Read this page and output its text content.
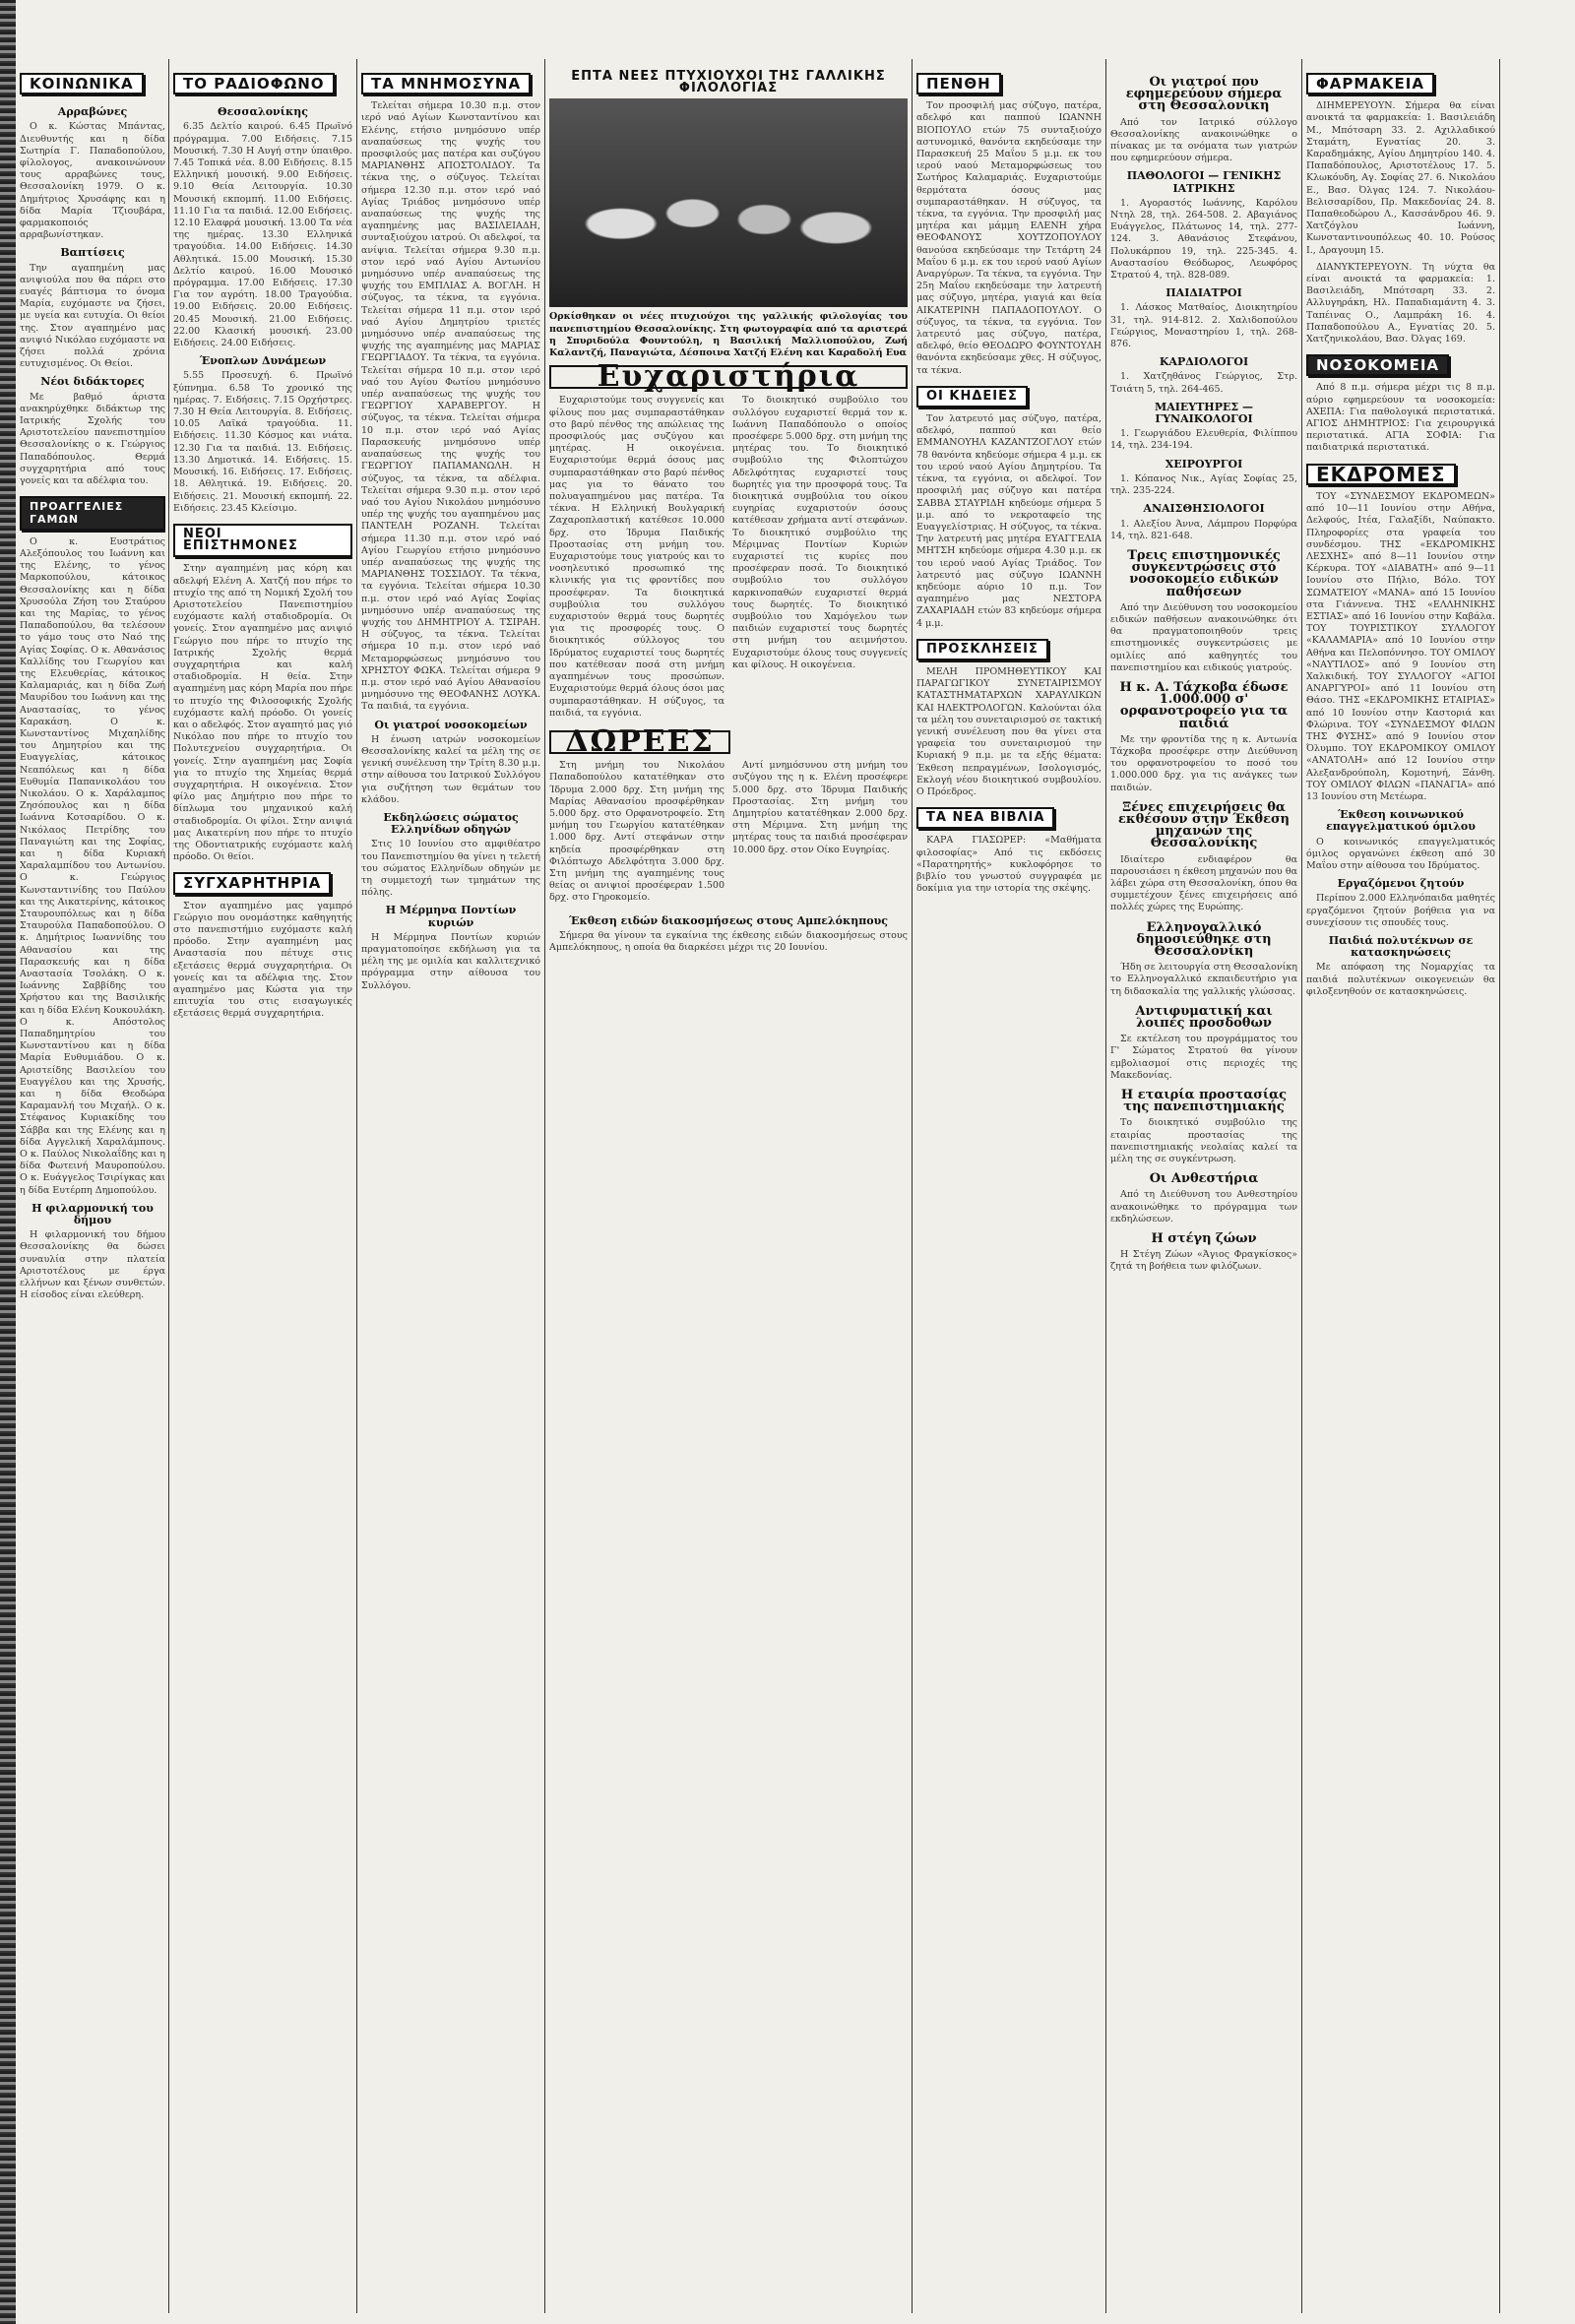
ΚΟΙΝΩΝΙΚΑ
Αρραβώνες
Ο κ. Κώστας Μπάντας, Διευθυντής και η δίδα Σωτηρία Γ. Παπαδοπούλου, φίλολογος, ανακοινώνουν τους αρραβώνες τους, Θεσσαλονίκη 1979. Ο κ. Δημήτριος Χρυσάφης και η δίδα Μαρία Τζιουβάρα, φαρμακοποιός αρραβωνίστηκαν.
Βαπτίσεις
Την αγαπημένη μας ανιψιούλα που θα πάρει στο ευαγές βάπτισμα το όνομα Μαρία, ευχόμαστε να ζήσει, με υγεία και ευτυχία. Οι θείοι της. Στον αγαπημένο μας ανιψιό Νικόλαο ευχόμαστε να ζήσει πολλά χρόνια ευτυχισμένος. Οι Θείοι.
Νέοι διδάκτορες
Με βαθμό άριστα ανακηρύχθηκε διδάκτωρ της Ιατρικής Σχολής του Αριστοτελείου πανεπιστημίου Θεσσαλονίκης ο κ. Γεώργιος Παπαδόπουλος. Θερμά συγχαρητήρια από τους γονείς και τα αδέλφια του.
ΠΡΟΑΓΓΕΛΙΕΣ ΓΑΜΩΝ
Ο κ. Ευστράτιος Αλεξόπουλος του Ιωάννη και της Ελένης, το γένος Μαρκοπούλου, κάτοικος Θεσσαλονίκης και η δίδα Χρυσούλα Ζήση του Σταύρου και της Μαρίας, το γένος Παπαδοπούλου, θα τελέσουν το γάμο τους στο Ναό της Αγίας Σοφίας. Ο κ. Αθανάσιος Καλλίδης του Γεωργίου και της Ελευθερίας, κάτοικος Καλαμαριάς, και η δίδα Ζωή Μαυρίδου του Ιωάννη και της Αναστασίας, το γένος Καρακάση. Ο κ. Κωνσταντίνος Μιχαηλίδης του Δημητρίου και της Ευαγγελίας, κάτοικος Νεαπόλεως και η δίδα Ευθυμία Παπανικολάου του Νικολάου. Ο κ. Χαράλαμπος Ζησόπουλος και η δίδα Ιωάννα Κοτσαρίδου. Ο κ. Νικόλαος Πετρίδης του Παναγιώτη και της Σοφίας, και η δίδα Κυριακή Χαραλαμπίδου του Αντωνίου. Ο κ. Γεώργιος Κωνσταντινίδης του Παύλου και της Αικατερίνης, κάτοικος Σταυρουπόλεως και η δίδα Σταυρούλα Παπαδοπούλου. Ο κ. Δημήτριος Ιωαννίδης του Αθανασίου και της Παρασκευής και η δίδα Αναστασία Τσολάκη. Ο κ. Ιωάννης Σαββίδης του Χρήστου και της Βασιλικής και η δίδα Ελένη Κουκουλάκη. Ο κ. Απόστολος Παπαδημητρίου του Κωνσταντίνου και η δίδα Μαρία Ευθυμιάδου. Ο κ. Αριστείδης Βασιλείου του Ευαγγέλου και της Χρυσής, και η δίδα Θεοδώρα Καραμανλή του Μιχαήλ. Ο κ. Στέφανος Κυριακίδης του Σάββα και της Ελένης και η δίδα Αγγελική Χαραλάμπους. Ο κ. Παύλος Νικολαΐδης και η δίδα Φωτεινή Μαυροπούλου. Ο κ. Ευάγγελος Τσιρίγκας και η δίδα Ευτέρπη Δημοπούλου.
Η φιλαρμονική του δήμου
Η φιλαρμονική του δήμου Θεσσαλονίκης θα δώσει συναυλία στην πλατεία Αριστοτέλους με έργα ελλήνων και ξένων συνθετών. Η είσοδος είναι ελεύθερη.
ΤΟ ΡΑΔΙΟΦΩΝΟ
Θεσσαλονίκης
6.35 Δελτίο καιρού. 6.45 Πρωϊνό πρόγραμμα. 7.00 Ειδήσεις. 7.15 Μουσική. 7.30 Η Αυγή στην ύπαιθρο. 7.45 Τοπικά νέα. 8.00 Ειδήσεις. 8.15 Ελληνική μουσική. 9.00 Ειδήσεις. 9.10 Θεία Λειτουργία. 10.30 Μουσική εκπομπή. 11.00 Ειδήσεις. 11.10 Για τα παιδιά. 12.00 Ειδήσεις. 12.10 Ελαφρά μουσική. 13.00 Τα νέα της ημέρας. 13.30 Ελληνικά τραγούδια. 14.00 Ειδήσεις. 14.30 Αθλητικά. 15.00 Μουσική. 15.30 Δελτίο καιρού. 16.00 Μουσικό πρόγραμμα. 17.00 Ειδήσεις. 17.30 Για τον αγρότη. 18.00 Τραγούδια. 19.00 Ειδήσεις. 20.00 Ειδήσεις. 20.45 Μουσική. 21.00 Ειδήσεις. 22.00 Κλασική μουσική. 23.00 Ειδήσεις. 24.00 Ειδήσεις.
Ένοπλων Δυνάμεων
5.55 Προσευχή. 6. Πρωϊνό ξύπνημα. 6.58 Το χρονικό της ημέρας. 7. Ειδήσεις. 7.15 Ορχήστρες. 7.30 Η Θεία Λειτουργία. 8. Ειδήσεις. 10.05 Λαϊκά τραγούδια. 11. Ειδήσεις. 11.30 Κόσμος και νιάτα. 12.30 Για τα παιδιά. 13. Ειδήσεις. 13.30 Δημοτικά. 14. Ειδήσεις. 15. Μουσική. 16. Ειδήσεις. 17. Ειδήσεις. 18. Αθλητικά. 19. Ειδήσεις. 20. Ειδήσεις. 21. Μουσική εκπομπή. 22. Ειδήσεις. 23.45 Κλείσιμο.
ΝΕΟΙ ΕΠΙΣΤΗΜΟΝΕΣ
Στην αγαπημένη μας κόρη και αδελφή Ελένη Α. Χατζή που πήρε το πτυχίο της από τη Νομική Σχολή του Αριστοτελείου Πανεπιστημίου ευχόμαστε καλή σταδιοδρομία. Οι γονείς. Στον αγαπημένο μας ανιψιό Γεώργιο που πήρε το πτυχίο της Ιατρικής Σχολής θερμά συγχαρητήρια και καλή σταδιοδρομία. Η θεία. Στην αγαπημένη μας κόρη Μαρία που πήρε το πτυχίο της Φιλοσοφικής Σχολής ευχόμαστε καλή πρόοδο. Οι γονείς και ο αδελφός. Στον αγαπητό μας γιό Νικόλαο που πήρε το πτυχίο του Πολυτεχνείου συγχαρητήρια. Οι γονείς. Στην αγαπημένη μας Σοφία για το πτυχίο της Χημείας θερμά συγχαρητήρια. Η οικογένεια. Στον φίλο μας Δημήτριο που πήρε το δίπλωμα του μηχανικού καλή σταδιοδρομία. Οι φίλοι. Στην ανιψιά μας Αικατερίνη που πήρε το πτυχίο της Οδοντιατρικής ευχόμαστε καλή πρόοδο. Οι θείοι.
ΣΥΓΧΑΡΗΤΗΡΙΑ
Στον αγαπημένο μας γαμπρό Γεώργιο που ονομάστηκε καθηγητής στο πανεπιστήμιο ευχόμαστε καλή πρόοδο. Στην αγαπημένη μας Αναστασία που πέτυχε στις εξετάσεις θερμά συγχαρητήρια. Οι γονείς και τα αδέλφια της. Στον αγαπημένο μας Κώστα για την επιτυχία του στις εισαγωγικές εξετάσεις θερμά συγχαρητήρια.
ΤΑ ΜΝΗΜΟΣΥΝΑ
Τελείται σήμερα 10.30 π.μ. στον ιερό ναό Αγίων Κωνσταντίνου και Ελένης, ετήσιο μνημόσυνο υπέρ αναπαύσεως της ψυχής του προσφιλούς μας πατέρα και συζύγου ΜΑΡΙΑΝΘΗΣ ΑΠΟΣΤΟΛΙΔΟΥ. Τα τέκνα της, ο σύζυγος. Τελείται σήμερα 12.30 π.μ. στον ιερό ναό Αγίας Τριάδος μνημόσυνο υπέρ αναπαύσεως της ψυχής της αγαπημένης μας ΒΑΣΙΛΕΙΑΔΗ, συνταξιούχου ιατρού. Οι αδελφοί, τα ανίψια. Τελείται σήμερα 9.30 π.μ. στον ιερό ναό Αγίου Αντωνίου μνημόσυνο υπέρ αναπαύσεως της ψυχής του ΕΜΠΛΙΑΣ Α. ΒΟΓΛΗ. Η σύζυγος, τα τέκνα, τα εγγόνια. Τελείται σήμερα 11 π.μ. στον ιερό ναό Αγίου Δημητρίου τριετές μνημόσυνο υπέρ αναπαύσεως της ψυχής της αγαπημένης μας ΜΑΡΙΑΣ ΓΕΩΡΓΙΑΔΟΥ. Τα τέκνα, τα εγγόνια. Τελείται σήμερα 10 π.μ. στον ιερό ναό του Αγίου Φωτίου μνημόσυνο υπέρ αναπαύσεως της ψυχής του ΓΕΩΡΓΙΟΥ ΧΑΡΑΒΕΡΓΟΥ. Η σύζυγος, τα τέκνα. Τελείται σήμερα 10 π.μ. στον ιερό ναό Αγίας Παρασκευής μνημόσυνο υπέρ αναπαύσεως της ψυχής του ΓΕΩΡΓΙΟΥ ΠΑΠΑΜΑΝΩΛΗ. Η σύζυγος, τα τέκνα, τα αδέλφια. Τελείται σήμερα 9.30 π.μ. στον ιερό ναό του Αγίου Νικολάου μνημόσυνο υπέρ της ψυχής του αγαπημένου μας ΠΑΝΤΕΛΗ ΡΟΖΑΝΗ. Τελείται σήμερα 11.30 π.μ. στον ιερό ναό Αγίου Γεωργίου ετήσιο μνημόσυνο υπέρ αναπαύσεως της ψυχής της ΜΑΡΙΑΝΘΗΣ ΤΟΣΣΙΔΟΥ. Τα τέκνα, τα εγγόνια. Τελείται σήμερα 10.30 π.μ. στον ιερό ναό Αγίας Σοφίας μνημόσυνο υπέρ αναπαύσεως της ψυχής του ΔΗΜΗΤΡΙΟΥ Α. ΤΣΙΡΑΗ. Η σύζυγος, τα τέκνα. Τελείται σήμερα 10 π.μ. στον ιερό ναό Μεταμορφώσεως μνημόσυνο του ΧΡΗΣΤΟΥ ΦΩΚΑ. Τελείται σήμερα 9 π.μ. στον ιερό ναό Αγίου Αθανασίου μνημόσυνο της ΘΕΟΦΑΝΗΣ ΛΟΥΚΑ. Τα παιδιά, τα εγγόνια.
Οι γιατροί νοσοκομείων
Η ένωση ιατρών νοσοκομείων Θεσσαλονίκης καλεί τα μέλη της σε γενική συνέλευση την Τρίτη 8.30 μ.μ. στην αίθουσα του Ιατρικού Συλλόγου για συζήτηση των θεμάτων του κλάδου.
Εκδηλώσεις σώματος Ελληνίδων οδηγών
Στις 10 Ιουνίου στο αμφιθέατρο του Πανεπιστημίου θα γίνει η τελετή του σώματος Ελληνίδων οδηγών με τη συμμετοχή των τμημάτων της πόλης.
Η Μέρμηνα Ποντίων κυριών
Η Μέρμηνα Ποντίων κυριών πραγματοποίησε εκδήλωση για τα μέλη της με ομιλία και καλλιτεχνικό πρόγραμμα στην αίθουσα του Συλλόγου.
ΕΠΤΑ ΝΕΕΣ ΠΤΥΧΙΟΥΧΟΙ ΤΗΣ ΓΑΛΛΙΚΗΣ ΦΙΛΟΛΟΓΙΑΣ
Ορκίσθηκαν οι νέες πτυχιούχοι της γαλλικής φιλολογίας του πανεπιστημίου Θεσσαλονίκης. Στη φωτογραφία από τα αριστερά η Σπυριδούλα Φουντούλη, η Βασιλική Μαλλιοπούλου, Ζωή Καλαντζή, Παναγιώτα, Δέσποινα Χατζή Ελένη και Καραδολή Ευα
Ευχαριστήρια
Ευχαριστούμε τους συγγενείς και φίλους που μας συμπαραστάθηκαν στο βαρύ πένθος της απώλειας της προσφιλούς μας συζύγου και μητέρας. Η οικογένεια. Ευχαριστούμε θερμά όσους μας συμπαραστάθηκαν στο βαρύ πένθος μας για το θάνατο του πολυαγαπημένου μας πατέρα. Τα τέκνα. Η Ελληνική Βουλγαρική Ζαχαροπλαστική κατέθεσε 10.000 δρχ. στο Ίδρυμα Παιδικής Προστασίας στη μνήμη του. Ευχαριστούμε τους γιατρούς και το νοσηλευτικό προσωπικό της κλινικής για τις φροντίδες που προσέφεραν. Τα διοικητικά συμβούλια του συλλόγου ευχαριστούν θερμά τους δωρητές για τις προσφορές τους. Ο διοικητικός σύλλογος του Ιδρύματος ευχαριστεί τους δωρητές που κατέθεσαν ποσά στη μνήμη αγαπημένων τους προσώπων. Ευχαριστούμε θερμά όλους όσοι μας συμπαραστάθηκαν. Η σύζυγος, τα παιδιά, τα εγγόνια.
Το διοικητικό συμβούλιο του συλλόγου ευχαριστεί θερμά τον κ. Ιωάννη Παπαδόπουλο ο οποίος προσέφερε 5.000 δρχ. στη μνήμη της μητέρας του. Το διοικητικό συμβούλιο της Φιλοπτώχου Αδελφότητας ευχαριστεί τους δωρητές για την προσφορά τους. Τα διοικητικά συμβούλια του οίκου ευγηρίας ευχαριστούν όσους κατέθεσαν χρήματα αντί στεφάνων. Το διοικητικό συμβούλιο της Μέριμνας Ποντίων Κυριών ευχαριστεί τις κυρίες που προσέφεραν ποσά. Το διοικητικό συμβούλιο του συλλόγου καρκινοπαθών ευχαριστεί θερμά τους δωρητές. Το διοικητικό συμβούλιο του Χαμόγελου των παιδιών ευχαριστεί τους δωρητές στη μνήμη του αειμνήστου. Ευχαριστούμε όλους τους συγγενείς και φίλους. Η οικογένεια.
ΔΩΡΕΕΣ
Στη μνήμη του Νικολάου Παπαδοπούλου κατατέθηκαν στο Ίδρυμα 2.000 δρχ. Στη μνήμη της Μαρίας Αθανασίου προσφέρθηκαν 5.000 δρχ. στο Ορφανοτροφείο. Στη μνήμη του Γεωργίου κατατέθηκαν 1.000 δρχ. Αντί στεφάνων στην κηδεία προσφέρθηκαν στη Φιλόπτωχο Αδελφότητα 3.000 δρχ. Στη μνήμη της αγαπημένης τους θείας οι ανιψιοί προσέφεραν 1.500 δρχ. στο Γηροκομείο.
Αντί μνημόσυνου στη μνήμη του συζύγου της η κ. Ελένη προσέφερε 5.000 δρχ. στο Ίδρυμα Παιδικής Προστασίας. Στη μνήμη του Δημητρίου κατατέθηκαν 2.000 δρχ. στη Μέριμνα. Στη μνήμη της μητέρας τους τα παιδιά προσέφεραν 10.000 δρχ. στον Οίκο Ευγηρίας.
Έκθεση ειδών διακοσμήσεως στους Αμπελόκηπους
Σήμερα θα γίνουν τα εγκαίνια της έκθεσης ειδών διακοσμήσεως στους Αμπελόκηπους, η οποία θα διαρκέσει μέχρι τις 20 Ιουνίου.
ΠΕΝΘΗ
Τον προσφιλή μας σύζυγο, πατέρα, αδελφό και παππού ΙΩΑΝΝΗ ΒΙΟΠΟΥΛΟ ετών 75 συνταξιούχο αστυνομικό, θανόντα εκηδεύσαμε την Παρασκευή 25 Μαΐου 5 μ.μ. εκ του ιερού ναού Μεταμορφώσεως του Σωτήρος Καλαμαριάς. Ευχαριστούμε θερμότατα όσους μας συμπαραστάθηκαν. Η σύζυγος, τα τέκνα, τα εγγόνια. Την προσφιλή μας μητέρα και μάμμη ΕΛΕΝΗ χήρα ΘΕΟΦΑΝΟΥΣ ΧΟΥΤΖΟΠΟΥΛΟΥ θανούσα εκηδεύσαμε την Τετάρτη 24 Μαΐου 6 μ.μ. εκ του ιερού ναού Αγίων Αναργύρων. Τα τέκνα, τα εγγόνια. Την 25η Μαΐου εκηδεύσαμε την λατρευτή μας σύζυγο, μητέρα, γιαγιά και θεία ΑΙΚΑΤΕΡΙΝΗ ΠΑΠΑΔΟΠΟΥΛΟΥ. Ο σύζυγος, τα τέκνα, τα εγγόνια. Τον λατρευτό μας σύζυγο, πατέρα, αδελφό, θείο ΘΕΟΔΩΡΟ ΦΟΥΝΤΟΥΛΗ θανόντα εκηδεύσαμε χθες. Η σύζυγος, τα τέκνα.
ΟΙ ΚΗΔΕΙΕΣ
Τον λατρευτό μας σύζυγο, πατέρα, αδελφό, παππού και θείο ΕΜΜΑΝΟΥΗΛ ΚΑΖΑΝΤΖΟΓΛΟΥ ετών 78 θανόντα κηδεύομε σήμερα 4 μ.μ. εκ του ιερού ναού Αγίου Δημητρίου. Τα τέκνα, τα εγγόνια, οι αδελφοί. Τον προσφιλή μας σύζυγο και πατέρα ΣΑΒΒΑ ΣΤΑΥΡΙΔΗ κηδεύομε σήμερα 5 μ.μ. από το νεκροταφείο της Ευαγγελίστριας. Η σύζυγος, τα τέκνα. Την λατρευτή μας μητέρα ΕΥΑΓΓΕΛΙΑ ΜΗΤΣΗ κηδεύομε σήμερα 4.30 μ.μ. εκ του ιερού ναού Αγίας Τριάδος. Τον λατρευτό μας σύζυγο ΙΩΑΝΝΗ κηδεύομε αύριο 10 π.μ. Τον αγαπημένο μας ΝΕΣΤΟΡΑ ΖΑΧΑΡΙΑΔΗ ετών 83 κηδεύομε σήμερα 4 μ.μ.
ΠΡΟΣΚΛΗΣΕΙΣ
ΜΕΛΗ ΠΡΟΜΗΘΕΥΤΙΚΟΥ ΚΑΙ ΠΑΡΑΓΩΓΙΚΟΥ ΣΥΝΕΤΑΙΡΙΣΜΟΥ ΚΑΤΑΣΤΗΜΑΤΑΡΧΩΝ ΧΑΡΑΥΛΙΚΩΝ ΚΑΙ ΗΛΕΚΤΡΟΛΟΓΩΝ. Καλούνται όλα τα μέλη του συνεταιρισμού σε τακτική γενική συνέλευση που θα γίνει στα γραφεία του συνεταιρισμού την Κυριακή 9 π.μ. με τα εξής θέματα: Έκθεση πεπραγμένων, Ισολογισμός, Εκλογή νέου διοικητικού συμβουλίου. Ο Πρόεδρος.
ΤΑ ΝΕΑ ΒΙΒΛΙΑ
ΚΑΡΑ ΓΙΑΣΩΡΕΡ: «Μαθήματα φιλοσοφίας» Από τις εκδόσεις «Παρατηρητής» κυκλοφόρησε το βιβλίο του γνωστού συγγραφέα με δοκίμια για την ιστορία της σκέψης.
Οι γιατροί που εφημερεύουν σήμερα στη Θεσσαλονίκη
Από τον Ιατρικό σύλλογο Θεσσαλονίκης ανακοινώθηκε ο πίνακας με τα ονόματα των γιατρών που εφημερεύουν σήμερα.
ΠΑΘΟΛΟΓΟΙ — ΓΕΝΙΚΗΣ ΙΑΤΡΙΚΗΣ
1. Αγοραστός Ιωάννης, Καρόλου Ντηλ 28, τηλ. 264-508. 2. Αβαγιάνος Ευάγγελος, Πλάτωνος 14, τηλ. 277-124. 3. Αθανάσιος Στεφάνου, Πολυκάρπου 19, τηλ. 225-345. 4. Αναστασίου Θεόδωρος, Λεωφόρος Στρατού 4, τηλ. 828-089.
ΠΑΙΔΙΑΤΡΟΙ
1. Λάσκος Ματθαίος, Διοικητηρίου 31, τηλ. 914-812. 2. Χαλιδοπούλου Γεώργιος, Μοναστηρίου 1, τηλ. 268-876.
ΚΑΡΔΙΟΛΟΓΟΙ
1. Χατζηθάνος Γεώργιος, Στρ. Τσιάτη 5, τηλ. 264-465.
ΜΑΙΕΥΤΗΡΕΣ — ΓΥΝΑΙΚΟΛΟΓΟΙ
1. Γεωργιάδου Ελευθερία, Φιλίππου 14, τηλ. 234-194.
ΧΕΙΡΟΥΡΓΟΙ
1. Κόπανος Νικ., Αγίας Σοφίας 25, τηλ. 235-224.
ΑΝΑΙΣΘΗΣΙΟΛΟΓΟΙ
1. Αλεξίου Άννα, Λάμπρου Πορφύρα 14, τηλ. 821-648.
Τρεις επιστημονικές συγκεντρώσεις στό νοσοκομείο ειδικών παθήσεων
Από την Διεύθυνση του νοσοκομείου ειδικών παθήσεων ανακοινώθηκε ότι θα πραγματοποιηθούν τρεις επιστημονικές συγκεντρώσεις με ομιλίες από καθηγητές του πανεπιστημίου και ειδικούς γιατρούς.
Η κ. Α. Τάχκοβα έδωσε 1.000.000 σ' ορφανοτροφείο για τα παιδιά
Με την φροντίδα της η κ. Αντωνία Τάχκοβα προσέφερε στην Διεύθυνση του ορφανοτροφείου το ποσό του 1.000.000 δρχ. για τις ανάγκες των παιδιών.
Ξένες επιχειρήσεις θα εκθέσουν στην Έκθεση μηχανών της Θεσσαλονίκης
Ιδιαίτερο ενδιαφέρον θα παρουσιάσει η έκθεση μηχανών που θα λάβει χώρα στη Θεσσαλονίκη, όπου θα συμμετέχουν ξένες επιχειρήσεις από πολλές χώρες της Ευρώπης.
Ελληνογαλλικό δημοσιεύθηκε στη Θεσσαλονίκη
Ήδη σε λειτουργία στη Θεσσαλονίκη το Ελληνογαλλικό εκπαιδευτήριο για τη διδασκαλία της γαλλικής γλώσσας.
Αντιφυματική και λοιπές προσδοθων
Σε εκτέλεση του προγράμματος του Γ' Σώματος Στρατού θα γίνουν εμβολιασμοί στις περιοχές της Μακεδονίας.
Η εταιρία προστασίας της πανεπιστημιακής
Το διοικητικό συμβούλιο της εταιρίας προστασίας της πανεπιστημιακής νεολαίας καλεί τα μέλη της σε συγκέντρωση.
Οι Ανθεστήρια
Από τη Διεύθυνση του Ανθεστηρίου ανακοινώθηκε το πρόγραμμα των εκδηλώσεων.
Η στέγη ζώων
Η Στέγη Ζώων «Άγιος Φραγκίσκος» ζητά τη βοήθεια των φιλόζωων.
ΦΑΡΜΑΚΕΙΑ
ΔΙΗΜΕΡΕΥΟΥΝ. Σήμερα θα είναι ανοικτά τα φαρμακεία: 1. Βασιλειάδη Μ., Μπότσαρη 33. 2. Αχιλλαδικού Σταμάτη, Εγνατίας 20. 3. Καραδημάκης, Αγίου Δημητρίου 140. 4. Παπαδόπουλος, Αριστοτέλους 17. 5. Κλωκόυδη, Αγ. Σοφίας 27. 6. Νικολάου Ε., Βασ. Όλγας 124. 7. Νικολάου-Βελισσαρίδου, Πρ. Μακεδονίας 24. 8. Παπαθεοδώρου Λ., Κασσάνδρου 46. 9. Χατζόγλου Ιωάννη, Κωνσταντινουπόλεως 40. 10. Ρούσος Ι., Δραγουμη 15.
ΔΙΑΝΥΚΤΕΡΕΥΟΥΝ. Τη νύχτα θα είναι ανοικτά τα φαρμακεία: 1. Βασιλειάδη, Μπότσαρη 33. 2. Αλλυγηράκη, Ηλ. Παπαδιαμάντη 4. 3. Ταπέινας Ο., Λαμπράκη 16. 4. Παπαδοπούλου Α., Εγνατίας 20. 5. Χατζηνικολάου, Βασ. Όλγας 169.
ΝΟΣΟΚΟΜΕΙΑ
Από 8 π.μ. σήμερα μέχρι τις 8 π.μ. αύριο εφημερεύουν τα νοσοκομεία: ΑΧΕΠΑ: Για παθολογικά περιστατικά. ΑΓΙΟΣ ΔΗΜΗΤΡΙΟΣ: Για χειρουργικά περιστατικά. ΑΓΙΑ ΣΟΦΙΑ: Για παιδιατρικά περιστατικά.
ΕΚΔΡΟΜΕΣ
ΤΟΥ «ΣΥΝΔΕΣΜΟΥ ΕΚΔΡΟΜΕΩΝ» από 10—11 Ιουνίου στην Αθήνα, Δελφούς, Ιτέα, Γαλαξίδι, Ναύπακτο. Πληροφορίες στα γραφεία του συνδέσμου. ΤΗΣ «ΕΚΔΡΟΜΙΚΗΣ ΛΕΣΧΗΣ» από 8—11 Ιουνίου στην Κέρκυρα. ΤΟΥ «ΔΙΑΒΑΤΗ» από 9—11 Ιουνίου στο Πήλιο, Βόλο. ΤΟΥ ΣΩΜΑΤΕΙΟΥ «ΜΑΝΑ» από 15 Ιουνίου στα Γιάννενα. ΤΗΣ «ΕΛΛΗΝΙΚΗΣ ΕΣΤΙΑΣ» από 16 Ιουνίου στην Καβάλα. ΤΟΥ ΤΟΥΡΙΣΤΙΚΟΥ ΣΥΛΛΟΓΟΥ «ΚΑΛΑΜΑΡΙΑ» από 10 Ιουνίου στην Αθήνα και Πελοπόννησο. ΤΟΥ ΟΜΙΛΟΥ «ΝΑΥΤΙΛΟΣ» από 9 Ιουνίου στη Χαλκιδική. ΤΟΥ ΣΥΛΛΟΓΟΥ «ΑΓΙΟΙ ΑΝΑΡΓΥΡΟΙ» από 11 Ιουνίου στη Θάσο. ΤΗΣ «ΕΚΔΡΟΜΙΚΗΣ ΕΤΑΙΡΙΑΣ» από 10 Ιουνίου στην Καστοριά και Φλώρινα. ΤΟΥ «ΣΥΝΔΕΣΜΟΥ ΦΙΛΩΝ ΤΗΣ ΦΥΣΗΣ» από 9 Ιουνίου στον Όλυμπο. ΤΟΥ ΕΚΔΡΟΜΙΚΟΥ ΟΜΙΛΟΥ «ΑΝΑΤΟΛΗ» από 12 Ιουνίου στην Αλεξανδρούπολη, Κομοτηνή, Ξάνθη. ΤΟΥ ΟΜΙΛΟΥ ΦΙΛΩΝ «ΠΑΝΑΓΙΑ» από 13 Ιουνίου στη Μετέωρα.
Έκθεση κοινωνικού επαγγελματικού όμιλου
Ο κοινωνικός επαγγελματικός όμιλος οργανώνει έκθεση από 30 Μαΐου στην αίθουσα του Ιδρύματος.
Εργαζόμενοι ζητούν
Περίπου 2.000 Ελληνόπαιδα μαθητές εργαζόμενοι ζητούν βοήθεια για να συνεχίσουν τις σπουδές τους.
Παιδιά πολυτέκνων σε κατασκηνώσεις
Με απόφαση της Νομαρχίας τα παιδιά πολυτέκνων οικογενειών θα φιλοξενηθούν σε κατασκηνώσεις.
